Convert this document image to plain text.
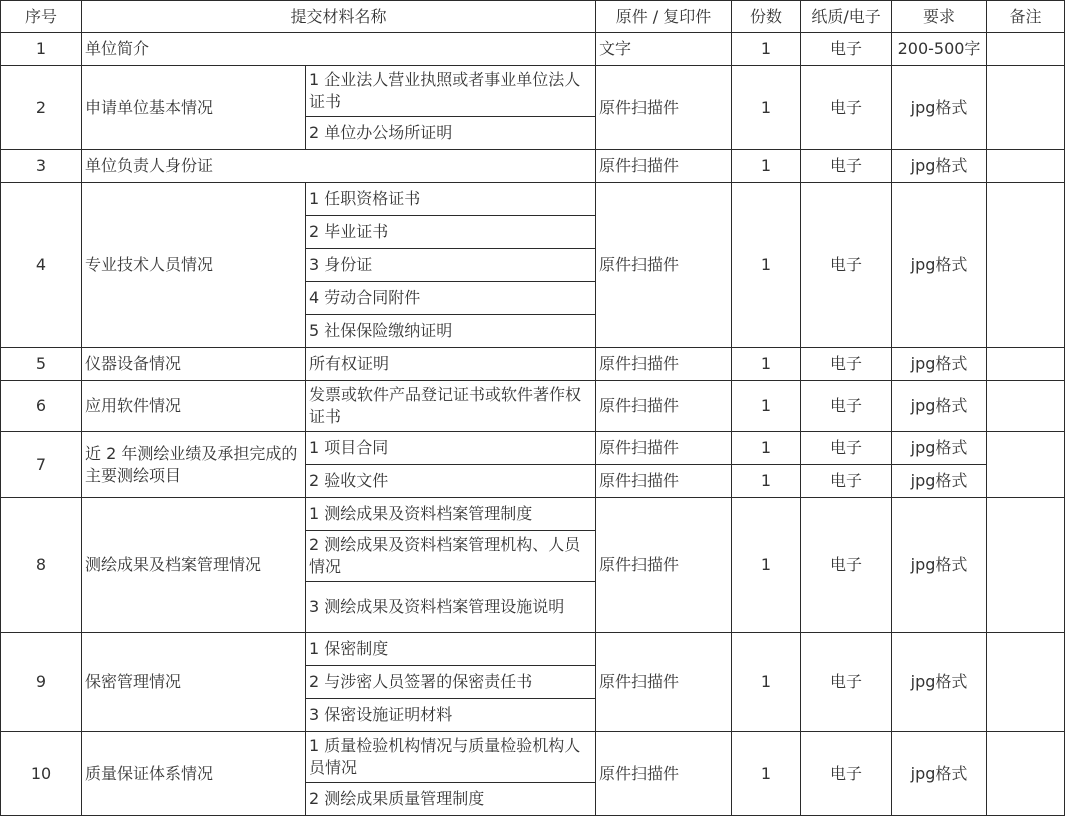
序号	提交材料名称		原件 / 复印件	份数	纸质/电子	要求	备注
1	单位简介		文字	1	电子	200-500字	
2	申请单位基本情况	1 企业法人营业执照或者事业单位法人证书	原件扫描件	1	电子	jpg格式	
		2 单位办公场所证明					
3	单位负责人身份证		原件扫描件	1	电子	jpg格式	
4	专业技术人员情况	1 任职资格证书	原件扫描件	1	电子	jpg格式	
		2 毕业证书					
		3 身份证					
		4 劳动合同附件					
		5 社保保险缴纳证明					
5	仪器设备情况	所有权证明	原件扫描件	1	电子	jpg格式	
6	应用软件情况	发票或软件产品登记证书或软件著作权证书	原件扫描件	1	电子	jpg格式	
7	近 2 年测绘业绩及承担完成的主要测绘项目	1 项目合同	原件扫描件	1	电子	jpg格式	
		2 验收文件	原件扫描件	1	电子	jpg格式	
8	测绘成果及档案管理情况	1 测绘成果及资料档案管理制度	原件扫描件	1	电子	jpg格式	
		2 测绘成果及资料档案管理机构、人员情况					
		3 测绘成果及资料档案管理设施说明					
9	保密管理情况	1 保密制度	原件扫描件	1	电子	jpg格式	
		2 与涉密人员签署的保密责任书					
		3 保密设施证明材料					
10	质量保证体系情况	1 质量检验机构情况与质量检验机构人员情况	原件扫描件	1	电子	jpg格式	
		2 测绘成果质量管理制度					
